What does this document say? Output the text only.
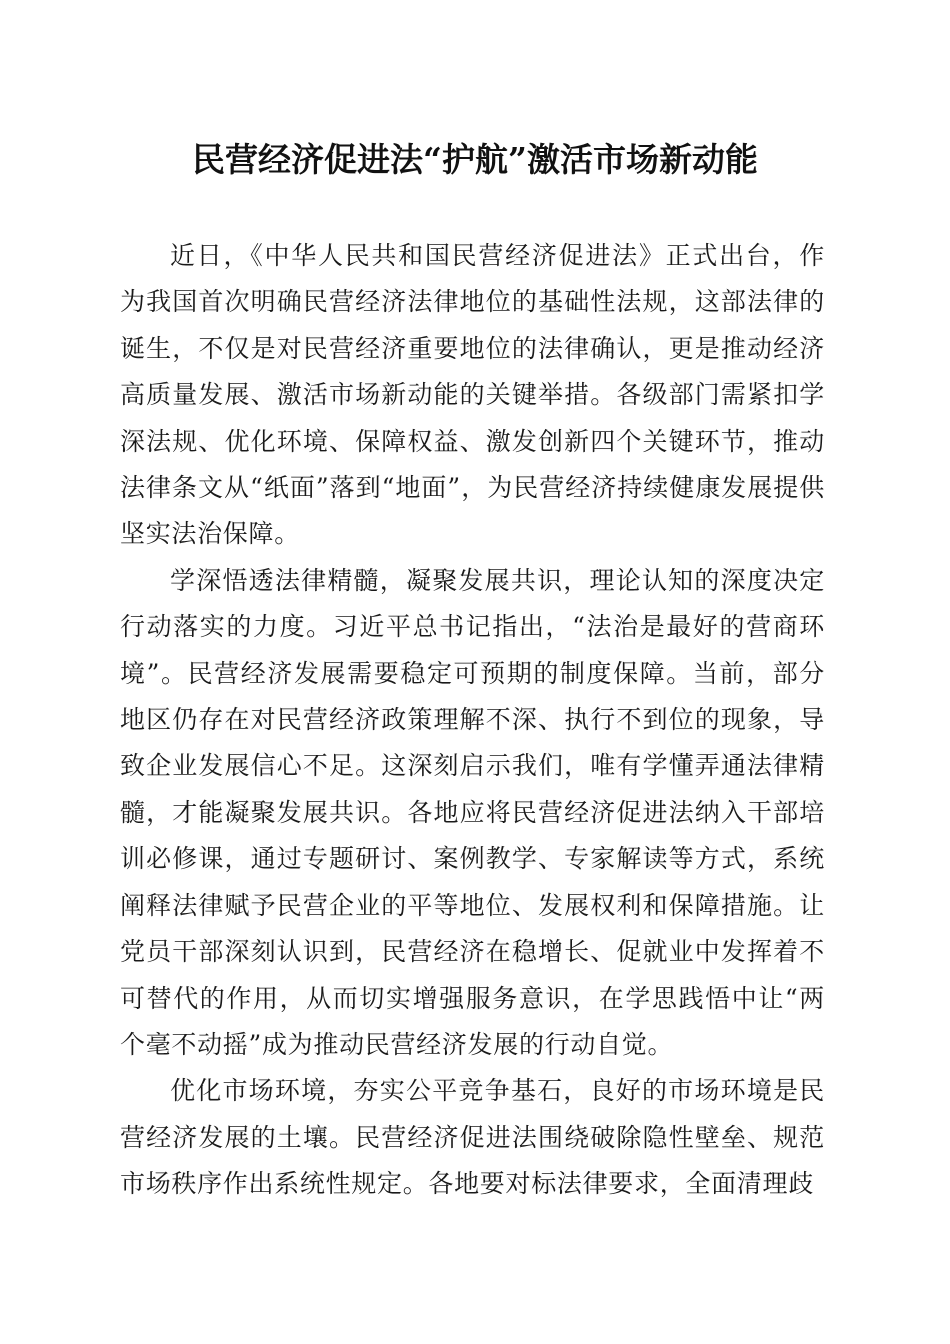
民营经济促进法“护航”激活市场新动能

近日，《中华人民共和国民营经济促进法》正式出台，作为我国首次明确民营经济法律地位的基础性法规，这部法律的诞生，不仅是对民营经济重要地位的法律确认，更是推动经济高质量发展、激活市场新动能的关键举措。各级部门需紧扣学深法规、优化环境、保障权益、激发创新四个关键环节，推动法律条文从“纸面”落到“地面”，为民营经济持续健康发展提供坚实法治保障。

学深悟透法律精髓，凝聚发展共识，理论认知的深度决定行动落实的力度。习近平总书记指出，“法治是最好的营商环境”。民营经济发展需要稳定可预期的制度保障。当前，部分地区仍存在对民营经济政策理解不深、执行不到位的现象，导致企业发展信心不足。这深刻启示我们，唯有学懂弄通法律精髓，才能凝聚发展共识。各地应将民营经济促进法纳入干部培训必修课，通过专题研讨、案例教学、专家解读等方式，系统阐释法律赋予民营企业的平等地位、发展权利和保障措施。让党员干部深刻认识到，民营经济在稳增长、促就业中发挥着不可替代的作用，从而切实增强服务意识，在学思践悟中让“两个毫不动摇”成为推动民营经济发展的行动自觉。

优化市场环境，夯实公平竞争基石，良好的市场环境是民营经济发展的土壤。民营经济促进法围绕破除隐性壁垒、规范市场秩序作出系统性规定。各地要对标法律要求，全面清理歧
